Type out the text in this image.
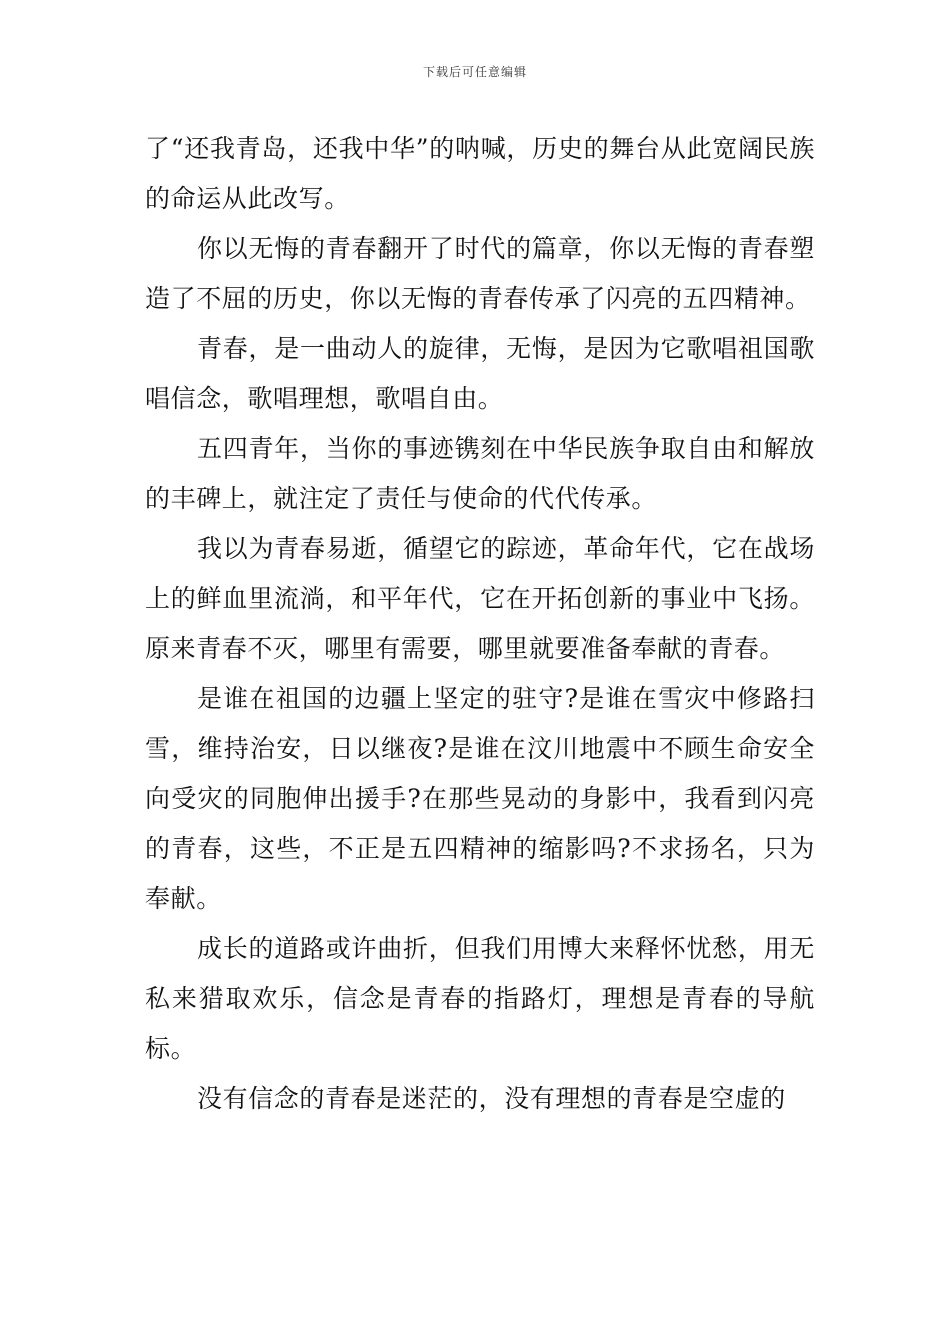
下载后可任意编辑

了“还我青岛，还我中华”的呐喊，历史的舞台从此宽阔民族的命运从此改写。

你以无悔的青春翻开了时代的篇章，你以无悔的青春塑造了不屈的历史，你以无悔的青春传承了闪亮的五四精神。

青春，是一曲动人的旋律，无悔，是因为它歌唱祖国歌唱信念，歌唱理想，歌唱自由。

五四青年，当你的事迹镌刻在中华民族争取自由和解放的丰碑上，就注定了责任与使命的代代传承。

我以为青春易逝，循望它的踪迹，革命年代，它在战场上的鲜血里流淌，和平年代，它在开拓创新的事业中飞扬。原来青春不灭，哪里有需要，哪里就要准备奉献的青春。

是谁在祖国的边疆上坚定的驻守?是谁在雪灾中修路扫雪，维持治安，日以继夜?是谁在汶川地震中不顾生命安全向受灾的同胞伸出援手?在那些晃动的身影中，我看到闪亮的青春，这些，不正是五四精神的缩影吗?不求扬名，只为奉献。

成长的道路或许曲折，但我们用博大来释怀忧愁，用无私来猎取欢乐，信念是青春的指路灯，理想是青春的导航标。

没有信念的青春是迷茫的，没有理想的青春是空虚的
